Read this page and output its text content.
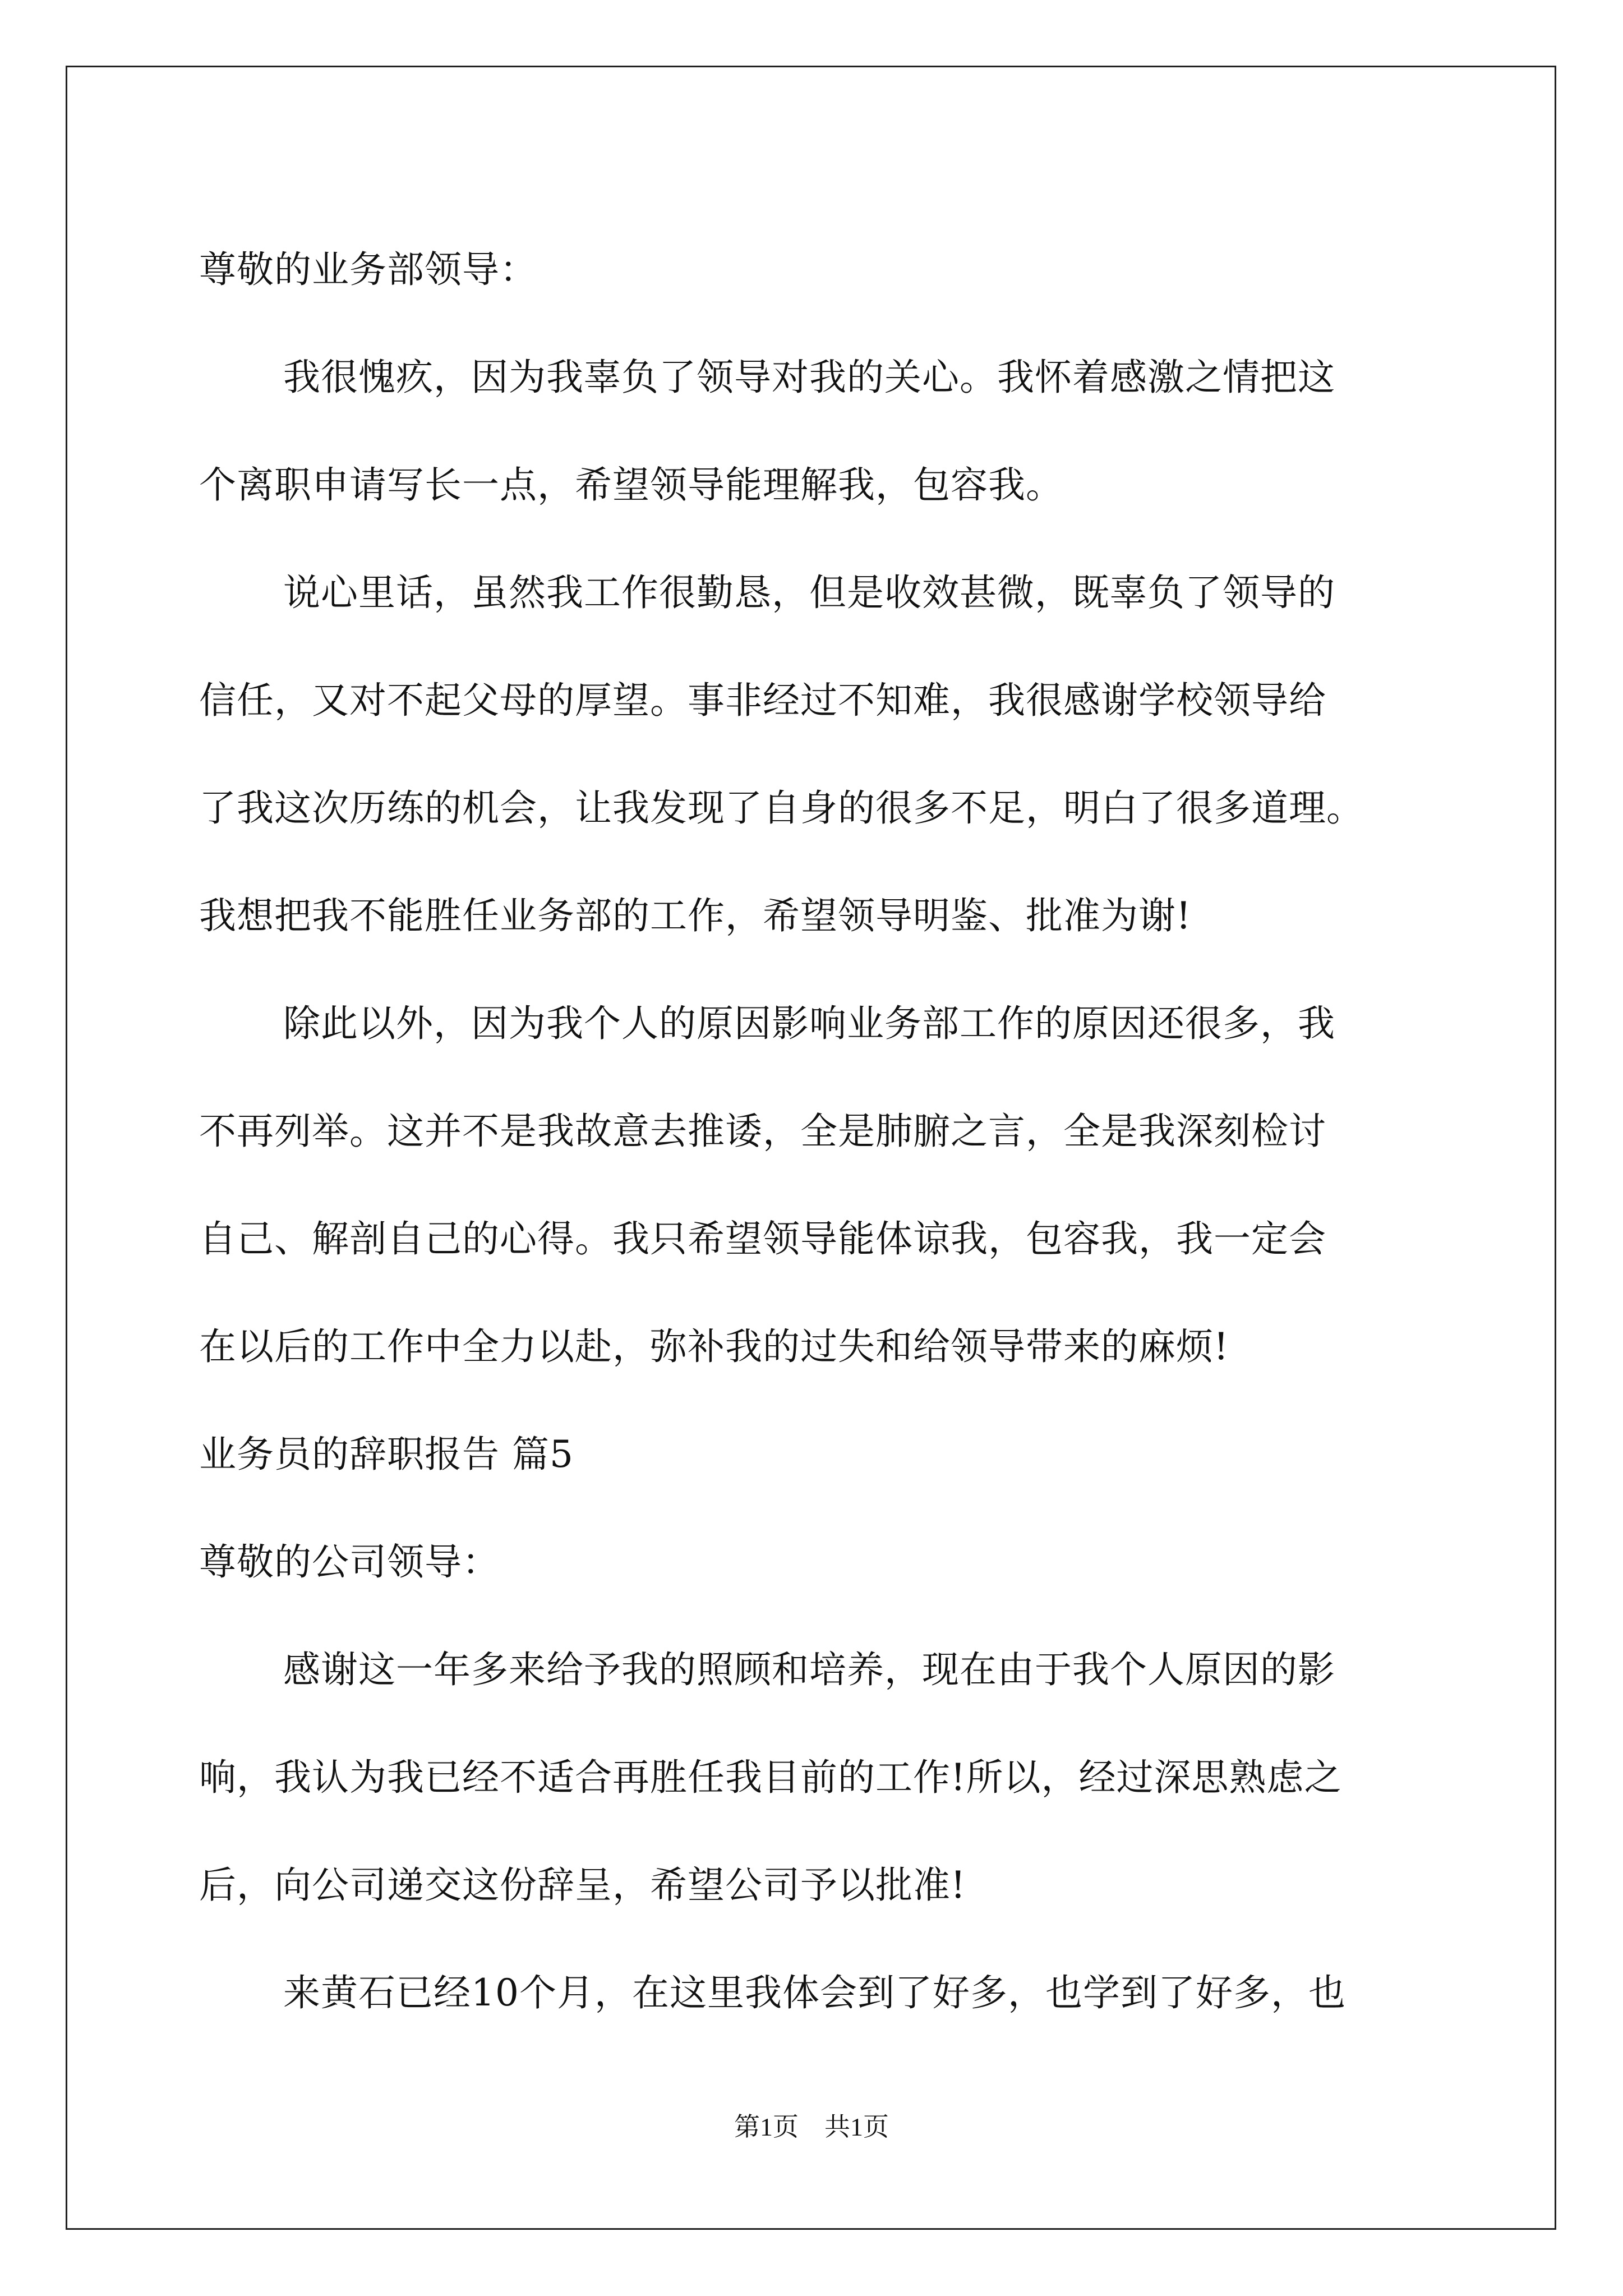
尊敬的业务部领导：
我很愧疚，因为我辜负了领导对我的关心。我怀着感激之情把这
个离职申请写长一点，希望领导能理解我，包容我。
说心里话，虽然我工作很勤恳，但是收效甚微，既辜负了领导的
信任，又对不起父母的厚望。事非经过不知难，我很感谢学校领导给
了我这次历练的机会，让我发现了自身的很多不足，明白了很多道理。
我想把我不能胜任业务部的工作，希望领导明鉴、批准为谢!
除此以外，因为我个人的原因影响业务部工作的原因还很多，我
不再列举。这并不是我故意去推诿，全是肺腑之言，全是我深刻检讨
自己、解剖自己的心得。我只希望领导能体谅我，包容我，我一定会
在以后的工作中全力以赴，弥补我的过失和给领导带来的麻烦!
业务员的辞职报告 篇5
尊敬的公司领导：
感谢这一年多来给予我的照顾和培养，现在由于我个人原因的影
响，我认为我已经不适合再胜任我目前的工作!所以，经过深思熟虑之
后，向公司递交这份辞呈，希望公司予以批准!
来黄石已经10个月，在这里我体会到了好多，也学到了好多，也
第1页　共1页
